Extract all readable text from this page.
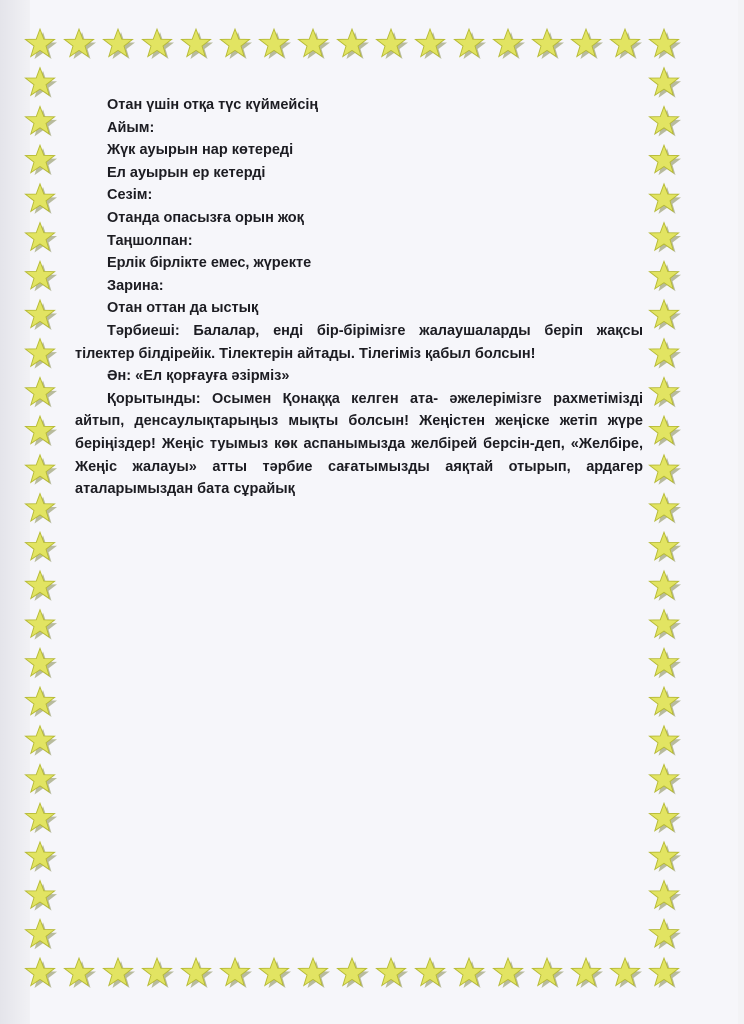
Отан үшін отқа түс күймейсің

Айым:

Жүк ауырын нар көтереді

Ел ауырын ер кетерді

Сезім:

Отанда опасызға орын жоқ

Таңшолпан:

Ерлік бірлікте емес, жүректе

Зарина:

Отан оттан да ыстық

Тәрбиеші: Балалар, енді бір-бірімізге жалаушаларды беріп жақсы тілектер білдірейік. Тілектерін айтады. Тілегіміз қабыл болсын!

Ән: «Ел қорғауға әзірміз»

Қорытынды: Осымен Қонаққа келген ата- әжелерімізге рахметімізді айтып, денсаулықтарыңыз мықты болсын! Жеңістен жеңіске жетіп жүре беріңіздер! Жеңіс туымыз көк аспанымызда желбірей берсін-деп, «Желбіре, Жеңіс жалауы» атты тәрбие сағатымызды аяқтай отырып, ардагер аталарымыздан бата сұрайық
